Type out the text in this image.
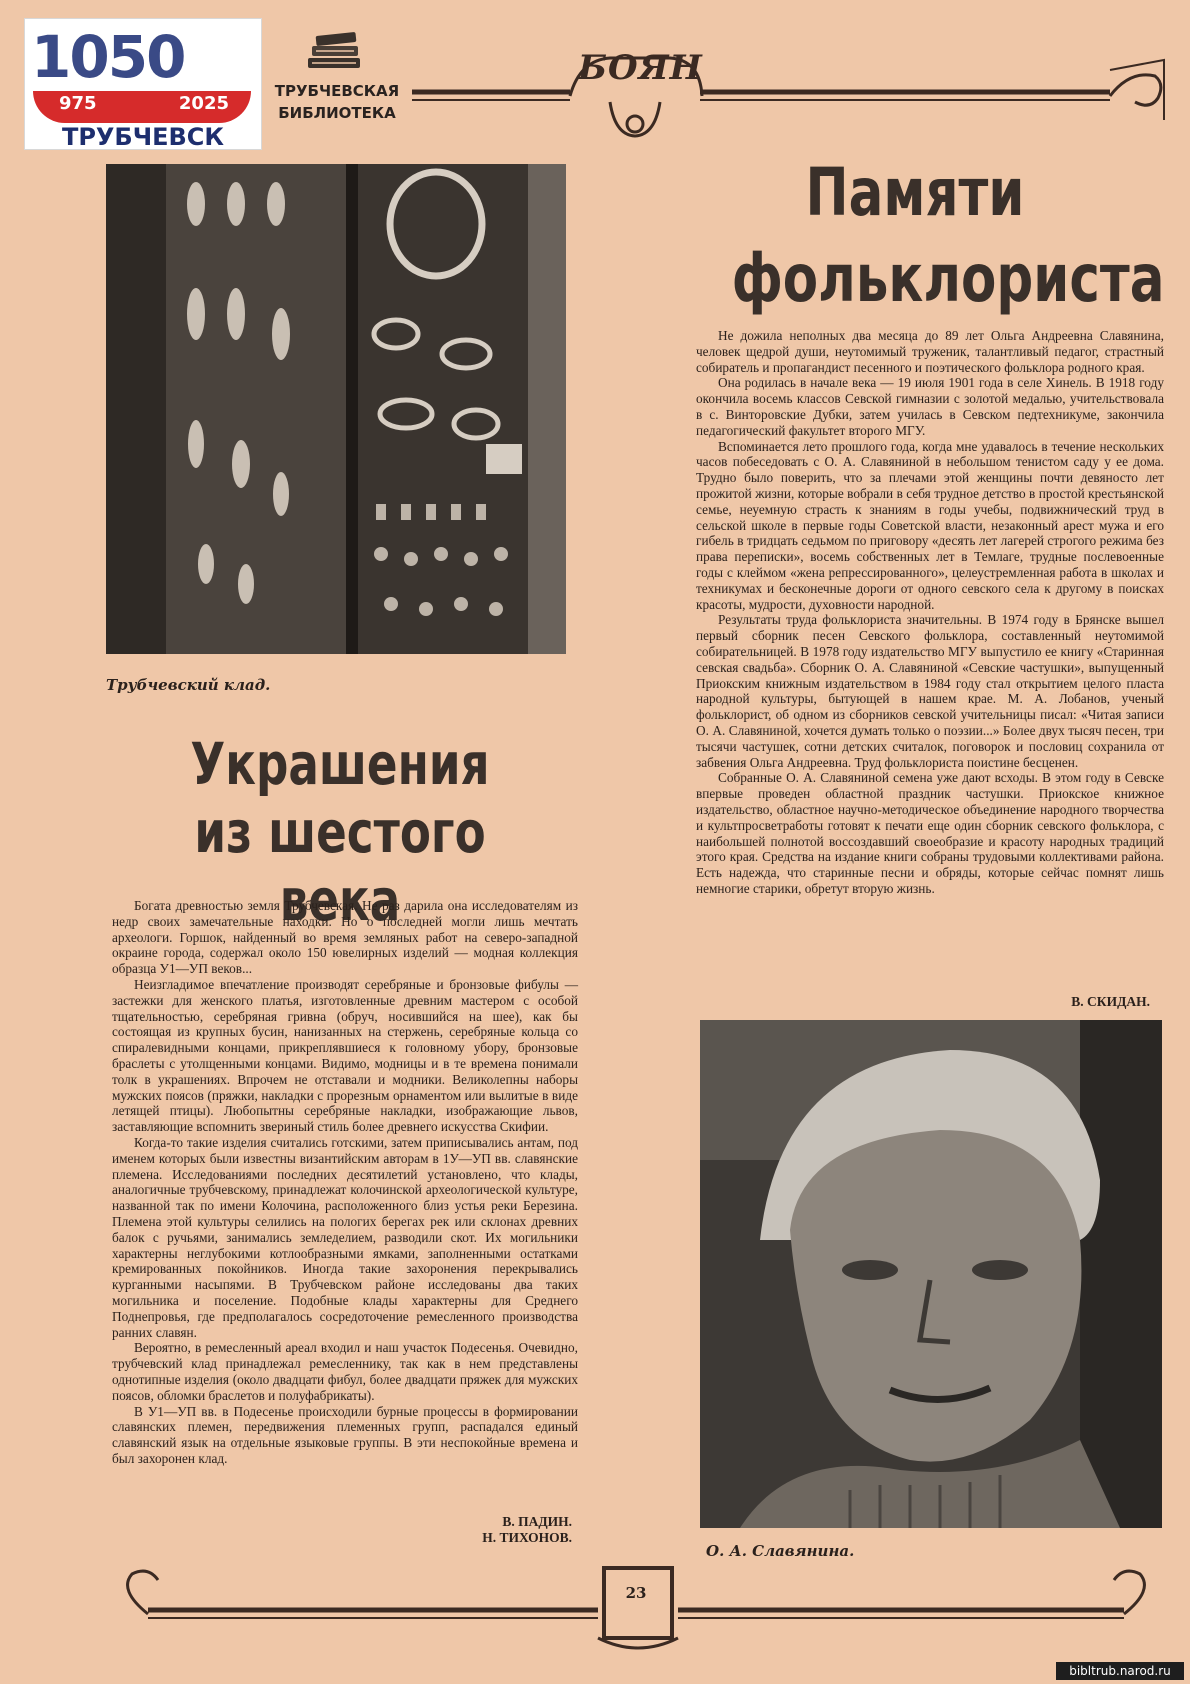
1050
975	2025
ТРУБЧЕВСК
ТРУБЧЕВСКАЯ
БИБЛИОТЕКА
БОЯН
Трубчевский клад.
Украшения
из шестого века

Богата древностью земля Трубчевская. Не раз дарила она исследователям из недр своих замечательные находки. Но о последней могли лишь мечтать археологи. Горшок, найденный во время земляных работ на северо-западной окраине города, содержал около 150 ювелирных изделий — модная коллекция образца У1—УП веков...

Неизгладимое впечатление производят серебряные и бронзовые фибулы — застежки для женского платья, изготовленные древним мастером с особой тщательностью, серебряная гривна (обруч, носившийся на шее), как бы состоящая из крупных бусин, нанизанных на стержень, серебряные кольца со спиралевидными концами, прикреплявшиеся к головному убору, бронзовые браслеты с утолщенными концами. Видимо, модницы и в те времена понимали толк в украшениях. Впрочем не отставали и модники. Великолепны наборы мужских поясов (пряжки, накладки с прорезным орнаментом или вылитые в виде летящей птицы). Любопытны серебряные накладки, изображающие львов, заставляющие вспомнить звериный стиль более древнего искусства Скифии.

Когда-то такие изделия считались готскими, затем приписывались антам, под именем которых были известны византийским авторам в 1У—УП вв. славянские племена. Исследованиями последних десятилетий установлено, что клады, аналогичные трубчевскому, принадлежат колочинской археологической культуре, названной так по имени Колочина, расположенного близ устья реки Березина. Племена этой культуры селились на пологих берегах рек или склонах древних балок с ручьями, занимались земледелием, разводили скот. Их могильники характерны неглубокими котлообразными ямками, заполненными остатками кремированных покойников. Иногда такие захоронения перекрывались курганными насыпями. В Трубчевском районе исследованы два таких могильника и поселение. Подобные клады характерны для Среднего Поднепровья, где предполагалось сосредоточение ремесленного производства ранних славян.

Вероятно, в ремесленный ареал входил и наш участок Подесенья. Очевидно, трубчевский клад принадлежал ремесленнику, так как в нем представлены однотипные изделия (около двадцати фибул, более двадцати пряжек для мужских поясов, обломки браслетов и полуфабрикаты).

В У1—УП вв. в Подесенье происходили бурные процессы в формировании славянских племен, передвижения племенных групп, распадался единый славянский язык на отдельные языковые группы. В эти неспокойные времена и был захоронен клад.

В. ПАДИН.
Н. ТИХОНОВ.
Памяти
фольклориста

Не дожила неполных два месяца до 89 лет Ольга Андреевна Славянина, человек щедрой души, неутомимый труженик, талантливый педагог, страстный собиратель и пропагандист песенного и поэтического фольклора родного края.

Она родилась в начале века — 19 июля 1901 года в селе Хинель. В 1918 году окончила восемь классов Севской гимназии с золотой медалью, учительствовала в с. Винторовские Дубки, затем училась в Севском педтехникуме, закончила педагогический факультет второго МГУ.

Вспоминается лето прошлого года, когда мне удавалось в течение нескольких часов побеседовать с О. А. Славяниной в небольшом тенистом саду у ее дома. Трудно было поверить, что за плечами этой женщины почти девяносто лет прожитой жизни, которые вобрали в себя трудное детство в простой крестьянской семье, неуемную страсть к знаниям в годы учебы, подвижнический труд в сельской школе в первые годы Советской власти, незаконный арест мужа и его гибель в тридцать седьмом по приговору «десять лет лагерей строгого режима без права переписки», восемь собственных лет в Темлаге, трудные послевоенные годы с клеймом «жена репрессированного», целеустремленная работа в школах и техникумах и бесконечные дороги от одного севского села к другому в поисках красоты, мудрости, духовности народной.

Результаты труда фольклориста значительны. В 1974 году в Брянске вышел первый сборник песен Севского фольклора, составленный неутомимой собирательницей. В 1978 году издательство МГУ выпустило ее книгу «Старинная севская свадьба». Сборник О. А. Славяниной «Севские частушки», выпущенный Приокским книжным издательством в 1984 году стал открытием целого пласта народной культуры, бытующей в нашем крае. М. А. Лобанов, ученый фольклорист, об одном из сборников севской учительницы писал: «Читая записи О. А. Славяниной, хочется думать только о поэзии...» Более двух тысяч песен, три тысячи частушек, сотни детских считалок, поговорок и пословиц сохранила от забвения Ольга Андреевна. Труд фольклориста поистине бесценен.

Собранные О. А. Славяниной семена уже дают всходы. В этом году в Севске впервые проведен областной праздник частушки. Приокское книжное издательство, областное научно-методическое объединение народного творчества и культпросветработы готовят к печати еще один сборник севского фольклора, с наибольшей полнотой воссоздавший своеобразие и красоту народных традиций этого края. Средства на издание книги собраны трудовыми коллективами района. Есть надежда, что старинные песни и обряды, которые сейчас помнят лишь немногие старики, обретут вторую жизнь.

В. СКИДАН.
О. А. Славянина.
23
bibltrub.narod.ru
